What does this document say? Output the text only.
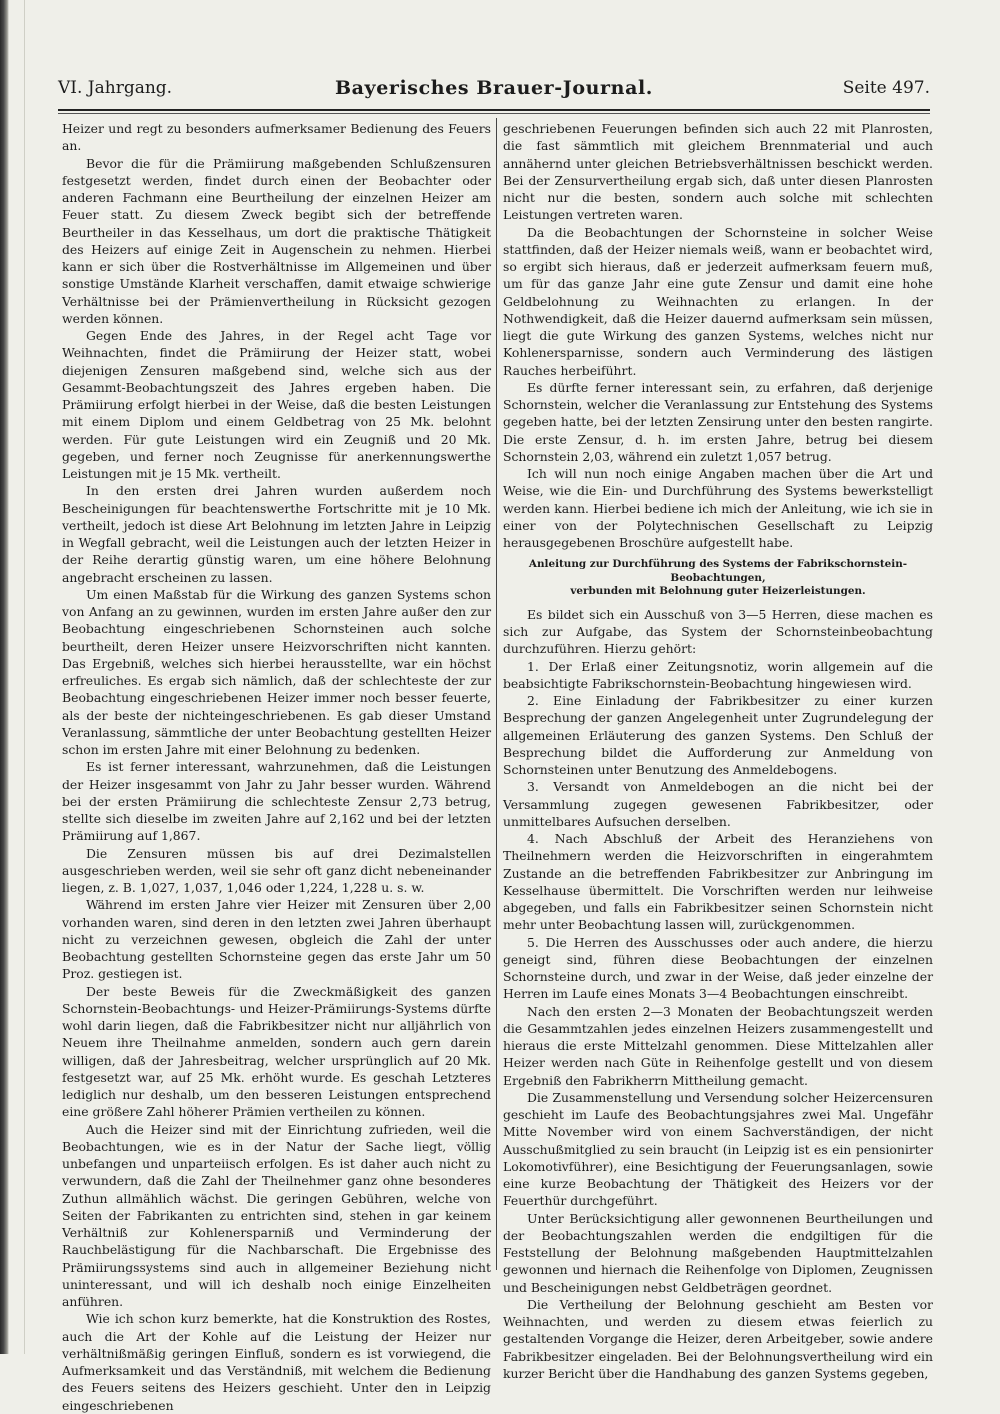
VI. Jahrgang.	Bayerisches Brauer-Journal.	Seite 497.

Heizer und regt zu besonders aufmerksamer Bedienung des Feuers an.

Bevor die für die Prämiirung maßgebenden Schlußzensuren festgesetzt werden, findet durch einen der Beobachter oder anderen Fachmann eine Beurtheilung der einzelnen Heizer am Feuer statt. Zu diesem Zweck begibt sich der betreffende Beurtheiler in das Kesselhaus, um dort die praktische Thätigkeit des Heizers auf einige Zeit in Augenschein zu nehmen. Hierbei kann er sich über die Rostverhältnisse im Allgemeinen und über sonstige Umstände Klarheit verschaffen, damit etwaige schwierige Verhältnisse bei der Prämienvertheilung in Rücksicht gezogen werden können.

Gegen Ende des Jahres, in der Regel acht Tage vor Weihnachten, findet die Prämiirung der Heizer statt, wobei diejenigen Zensuren maßgebend sind, welche sich aus der Gesammt-Beobachtungszeit des Jahres ergeben haben. Die Prämiirung erfolgt hierbei in der Weise, daß die besten Leistungen mit einem Diplom und einem Geldbetrag von 25 Mk. belohnt werden. Für gute Leistungen wird ein Zeugniß und 20 Mk. gegeben, und ferner noch Zeugnisse für anerkennungswerthe Leistungen mit je 15 Mk. vertheilt.

In den ersten drei Jahren wurden außerdem noch Bescheinigungen für beachtenswerthe Fortschritte mit je 10 Mk. vertheilt, jedoch ist diese Art Belohnung im letzten Jahre in Leipzig in Wegfall gebracht, weil die Leistungen auch der letzten Heizer in der Reihe derartig günstig waren, um eine höhere Belohnung angebracht erscheinen zu lassen.

Um einen Maßstab für die Wirkung des ganzen Systems schon von Anfang an zu gewinnen, wurden im ersten Jahre außer den zur Beobachtung eingeschriebenen Schornsteinen auch solche beurtheilt, deren Heizer unsere Heizvorschriften nicht kannten. Das Ergebniß, welches sich hierbei herausstellte, war ein höchst erfreuliches. Es ergab sich nämlich, daß der schlechteste der zur Beobachtung eingeschriebenen Heizer immer noch besser feuerte, als der beste der nichteingeschriebenen. Es gab dieser Umstand Veranlassung, sämmtliche der unter Beobachtung gestellten Heizer schon im ersten Jahre mit einer Belohnung zu bedenken.

Es ist ferner interessant, wahrzunehmen, daß die Leistungen der Heizer insgesammt von Jahr zu Jahr besser wurden. Während bei der ersten Prämiirung die schlechteste Zensur 2,73 betrug, stellte sich dieselbe im zweiten Jahre auf 2,162 und bei der letzten Prämiirung auf 1,867.

Die Zensuren müssen bis auf drei Dezimalstellen ausgeschrieben werden, weil sie sehr oft ganz dicht nebeneinander liegen, z. B. 1,027, 1,037, 1,046 oder 1,224, 1,228 u. s. w.

Während im ersten Jahre vier Heizer mit Zensuren über 2,00 vorhanden waren, sind deren in den letzten zwei Jahren überhaupt nicht zu verzeichnen gewesen, obgleich die Zahl der unter Beobachtung gestellten Schornsteine gegen das erste Jahr um 50 Proz. gestiegen ist.

Der beste Beweis für die Zweckmäßigkeit des ganzen Schornstein-Beobachtungs- und Heizer-Prämiirungs-Systems dürfte wohl darin liegen, daß die Fabrikbesitzer nicht nur alljährlich von Neuem ihre Theilnahme anmelden, sondern auch gern darein willigen, daß der Jahresbeitrag, welcher ursprünglich auf 20 Mk. festgesetzt war, auf 25 Mk. erhöht wurde. Es geschah Letzteres lediglich nur deshalb, um den besseren Leistungen entsprechend eine größere Zahl höherer Prämien vertheilen zu können.

Auch die Heizer sind mit der Einrichtung zufrieden, weil die Beobachtungen, wie es in der Natur der Sache liegt, völlig unbefangen und unparteiisch erfolgen. Es ist daher auch nicht zu verwundern, daß die Zahl der Theilnehmer ganz ohne besonderes Zuthun allmählich wächst. Die geringen Gebühren, welche von Seiten der Fabrikanten zu entrichten sind, stehen in gar keinem Verhältniß zur Kohlenersparniß und Verminderung der Rauchbelästigung für die Nachbarschaft. Die Ergebnisse des Prämiirungssystems sind auch in allgemeiner Beziehung nicht uninteressant, und will ich deshalb noch einige Einzelheiten anführen.

Wie ich schon kurz bemerkte, hat die Konstruktion des Rostes, auch die Art der Kohle auf die Leistung der Heizer nur verhältnißmäßig geringen Einfluß, sondern es ist vorwiegend, die Aufmerksamkeit und das Verständniß, mit welchem die Bedienung des Feuers seitens des Heizers geschieht. Unter den in Leipzig eingeschriebenen

geschriebenen Feuerungen befinden sich auch 22 mit Planrosten, die fast sämmtlich mit gleichem Brennmaterial und auch annähernd unter gleichen Betriebsverhältnissen beschickt werden. Bei der Zensurvertheilung ergab sich, daß unter diesen Planrosten nicht nur die besten, sondern auch solche mit schlechten Leistungen vertreten waren.

Da die Beobachtungen der Schornsteine in solcher Weise stattfinden, daß der Heizer niemals weiß, wann er beobachtet wird, so ergibt sich hieraus, daß er jederzeit aufmerksam feuern muß, um für das ganze Jahr eine gute Zensur und damit eine hohe Geldbelohnung zu Weihnachten zu erlangen. In der Nothwendigkeit, daß die Heizer dauernd aufmerksam sein müssen, liegt die gute Wirkung des ganzen Systems, welches nicht nur Kohlenersparnisse, sondern auch Verminderung des lästigen Rauches herbeiführt.

Es dürfte ferner interessant sein, zu erfahren, daß derjenige Schornstein, welcher die Veranlassung zur Entstehung des Systems gegeben hatte, bei der letzten Zensirung unter den besten rangirte. Die erste Zensur, d. h. im ersten Jahre, betrug bei diesem Schornstein 2,03, während ein zuletzt 1,057 betrug.

Ich will nun noch einige Angaben machen über die Art und Weise, wie die Ein- und Durchführung des Systems bewerkstelligt werden kann. Hierbei bediene ich mich der Anleitung, wie ich sie in einer von der Polytechnischen Gesellschaft zu Leipzig herausgegebenen Broschüre aufgestellt habe.

Anleitung zur Durchführung des Systems der Fabrikschornstein-Beobachtungen,
verbunden mit Belohnung guter Heizerleistungen.

Es bildet sich ein Ausschuß von 3—5 Herren, diese machen es sich zur Aufgabe, das System der Schornsteinbeobachtung durchzuführen. Hierzu gehört:

1. Der Erlaß einer Zeitungsnotiz, worin allgemein auf die beabsichtigte Fabrikschornstein-Beobachtung hingewiesen wird.

2. Eine Einladung der Fabrikbesitzer zu einer kurzen Besprechung der ganzen Angelegenheit unter Zugrundelegung der allgemeinen Erläuterung des ganzen Systems. Den Schluß der Besprechung bildet die Aufforderung zur Anmeldung von Schornsteinen unter Benutzung des Anmeldebogens.

3. Versandt von Anmeldebogen an die nicht bei der Versammlung zugegen gewesenen Fabrikbesitzer, oder unmittelbares Aufsuchen derselben.

4. Nach Abschluß der Arbeit des Heranziehens von Theilnehmern werden die Heizvorschriften in eingerahmtem Zustande an die betreffenden Fabrikbesitzer zur Anbringung im Kesselhause übermittelt. Die Vorschriften werden nur leihweise abgegeben, und falls ein Fabrikbesitzer seinen Schornstein nicht mehr unter Beobachtung lassen will, zurückgenommen.

5. Die Herren des Ausschusses oder auch andere, die hierzu geneigt sind, führen diese Beobachtungen der einzelnen Schornsteine durch, und zwar in der Weise, daß jeder einzelne der Herren im Laufe eines Monats 3—4 Beobachtungen einschreibt.

Nach den ersten 2—3 Monaten der Beobachtungszeit werden die Gesammtzahlen jedes einzelnen Heizers zusammengestellt und hieraus die erste Mittelzahl genommen. Diese Mittelzahlen aller Heizer werden nach Güte in Reihenfolge gestellt und von diesem Ergebniß den Fabrikherrn Mittheilung gemacht.

Die Zusammenstellung und Versendung solcher Heizercensuren geschieht im Laufe des Beobachtungsjahres zwei Mal. Ungefähr Mitte November wird von einem Sachverständigen, der nicht Ausschußmitglied zu sein braucht (in Leipzig ist es ein pensionirter Lokomotivführer), eine Besichtigung der Feuerungsanlagen, sowie eine kurze Beobachtung der Thätigkeit des Heizers vor der Feuerthür durchgeführt.

Unter Berücksichtigung aller gewonnenen Beurtheilungen und der Beobachtungszahlen werden die endgiltigen für die Feststellung der Belohnung maßgebenden Hauptmittelzahlen gewonnen und hiernach die Reihenfolge von Diplomen, Zeugnissen und Bescheinigungen nebst Geldbeträgen geordnet.

Die Vertheilung der Belohnung geschieht am Besten vor Weihnachten, und werden zu diesem etwas feierlich zu gestaltenden Vorgange die Heizer, deren Arbeitgeber, sowie andere Fabrikbesitzer eingeladen. Bei der Belohnungsvertheilung wird ein kurzer Bericht über die Handhabung des ganzen Systems gegeben,
